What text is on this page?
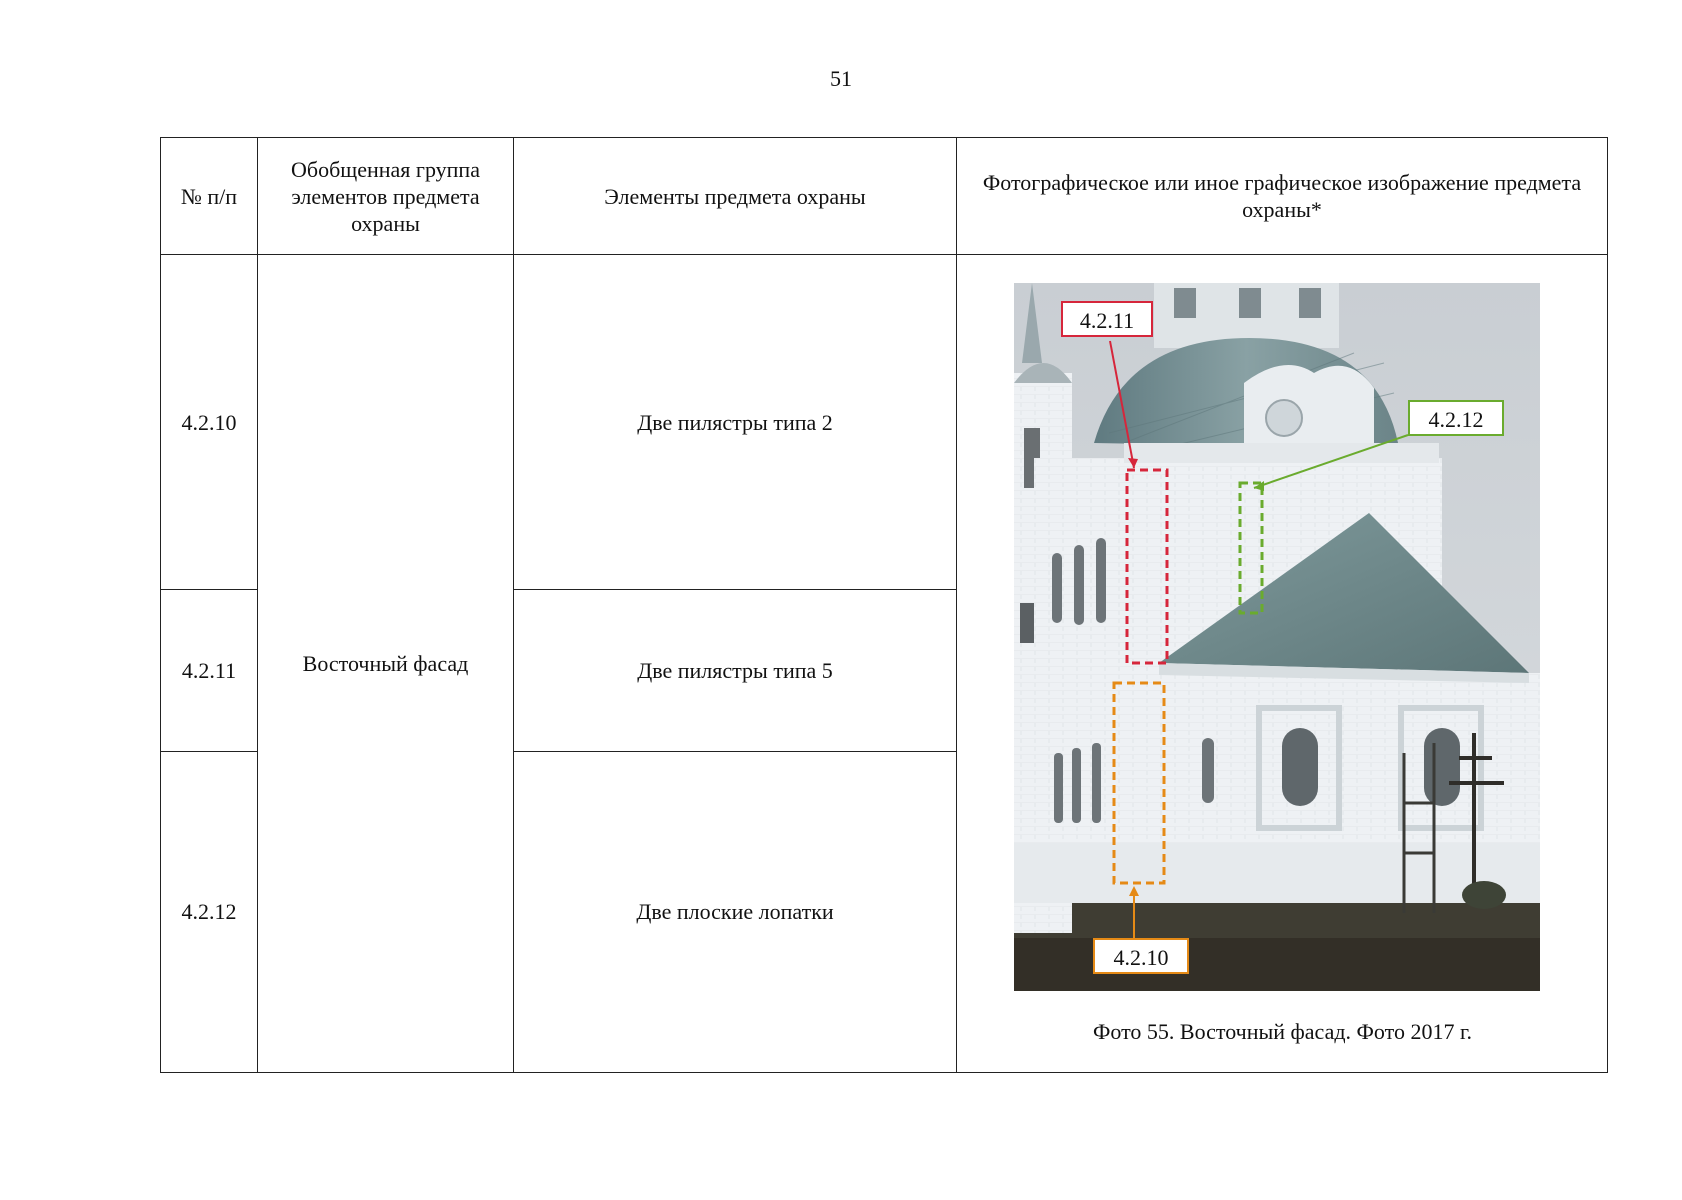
51
№ п/п	Обобщенная группа элементов предмета охраны	Элементы предмета охраны	Фотографическое или иное графическое изображение предмета охраны*
4.2.10	Восточный фасад	Две пилястры типа 2	4.2.11
4.2.12
4.2.10
Фото 55. Восточный фасад. Фото 2017 г.

4.2.11		Две пилястры типа 5	
4.2.12		Две плоские лопатки	
